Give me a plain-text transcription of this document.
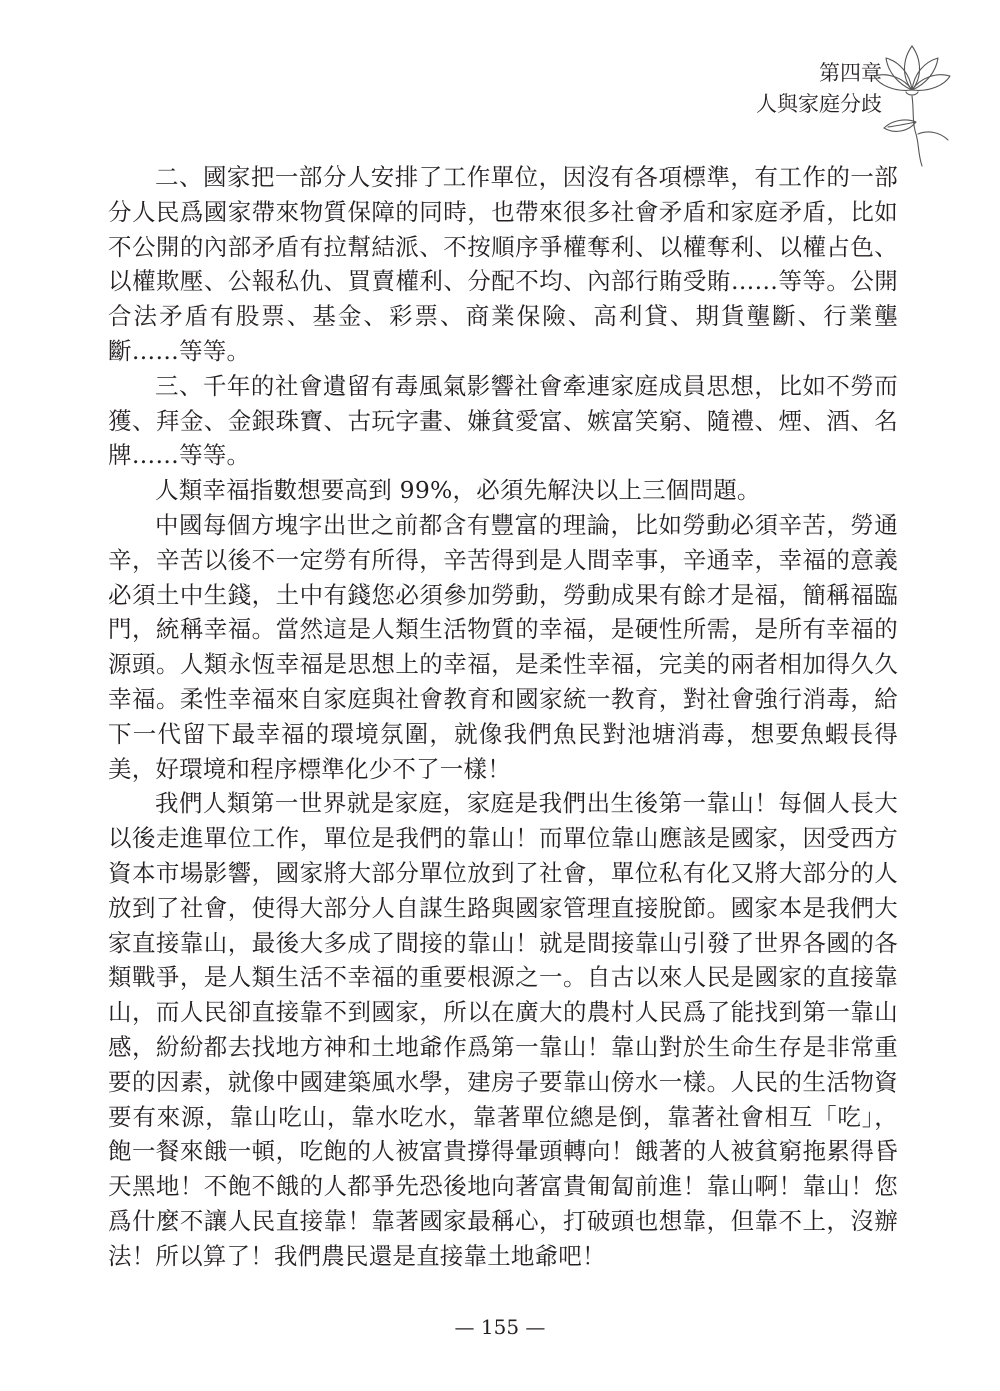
第四章
人與家庭分歧

二、國家把一部分人安排了工作單位，因沒有各項標準，有工作的一部分人民爲國家帶來物質保障的同時，也帶來很多社會矛盾和家庭矛盾，比如不公開的內部矛盾有拉幫結派、不按順序爭權奪利、以權奪利、以權占色、以權欺壓、公報私仇、買賣權利、分配不均、內部行賄受賄……等等。公開合法矛盾有股票、基金、彩票、商業保險、高利貸、期貨壟斷、行業壟斷……等等。

三、千年的社會遺留有毒風氣影響社會牽連家庭成員思想，比如不勞而獲、拜金、金銀珠寶、古玩字畫、嫌貧愛富、嫉富笑窮、隨禮、煙、酒、名牌……等等。

人類幸福指數想要高到 99%，必須先解決以上三個問題。

中國每個方塊字出世之前都含有豐富的理論，比如勞動必須辛苦，勞通辛，辛苦以後不一定勞有所得，辛苦得到是人間幸事，辛通幸，幸福的意義必須土中生錢，土中有錢您必須參加勞動，勞動成果有餘才是福，簡稱福臨門，統稱幸福。當然這是人類生活物質的幸福，是硬性所需，是所有幸福的源頭。人類永恆幸福是思想上的幸福，是柔性幸福，完美的兩者相加得久久幸福。柔性幸福來自家庭與社會教育和國家統一教育，對社會強行消毒，給下一代留下最幸福的環境氛圍，就像我們魚民對池塘消毒，想要魚蝦長得美，好環境和程序標準化少不了一樣！

我們人類第一世界就是家庭，家庭是我們出生後第一靠山！每個人長大以後走進單位工作，單位是我們的靠山！而單位靠山應該是國家，因受西方資本市場影響，國家將大部分單位放到了社會，單位私有化又將大部分的人放到了社會，使得大部分人自謀生路與國家管理直接脫節。國家本是我們大家直接靠山，最後大多成了間接的靠山！就是間接靠山引發了世界各國的各類戰爭，是人類生活不幸福的重要根源之一。自古以來人民是國家的直接靠山，而人民卻直接靠不到國家，所以在廣大的農村人民爲了能找到第一靠山感，紛紛都去找地方神和土地爺作爲第一靠山！靠山對於生命生存是非常重要的因素，就像中國建築風水學，建房子要靠山傍水一樣。人民的生活物資要有來源，靠山吃山，靠水吃水，靠著單位總是倒，靠著社會相互「吃」，飽一餐來餓一頓，吃飽的人被富貴撐得暈頭轉向！餓著的人被貧窮拖累得昏天黑地！不飽不餓的人都爭先恐後地向著富貴匍匐前進！靠山啊！靠山！您爲什麼不讓人民直接靠！靠著國家最稱心，打破頭也想靠，但靠不上，沒辦法！所以算了！我們農民還是直接靠土地爺吧！

— 155 —
